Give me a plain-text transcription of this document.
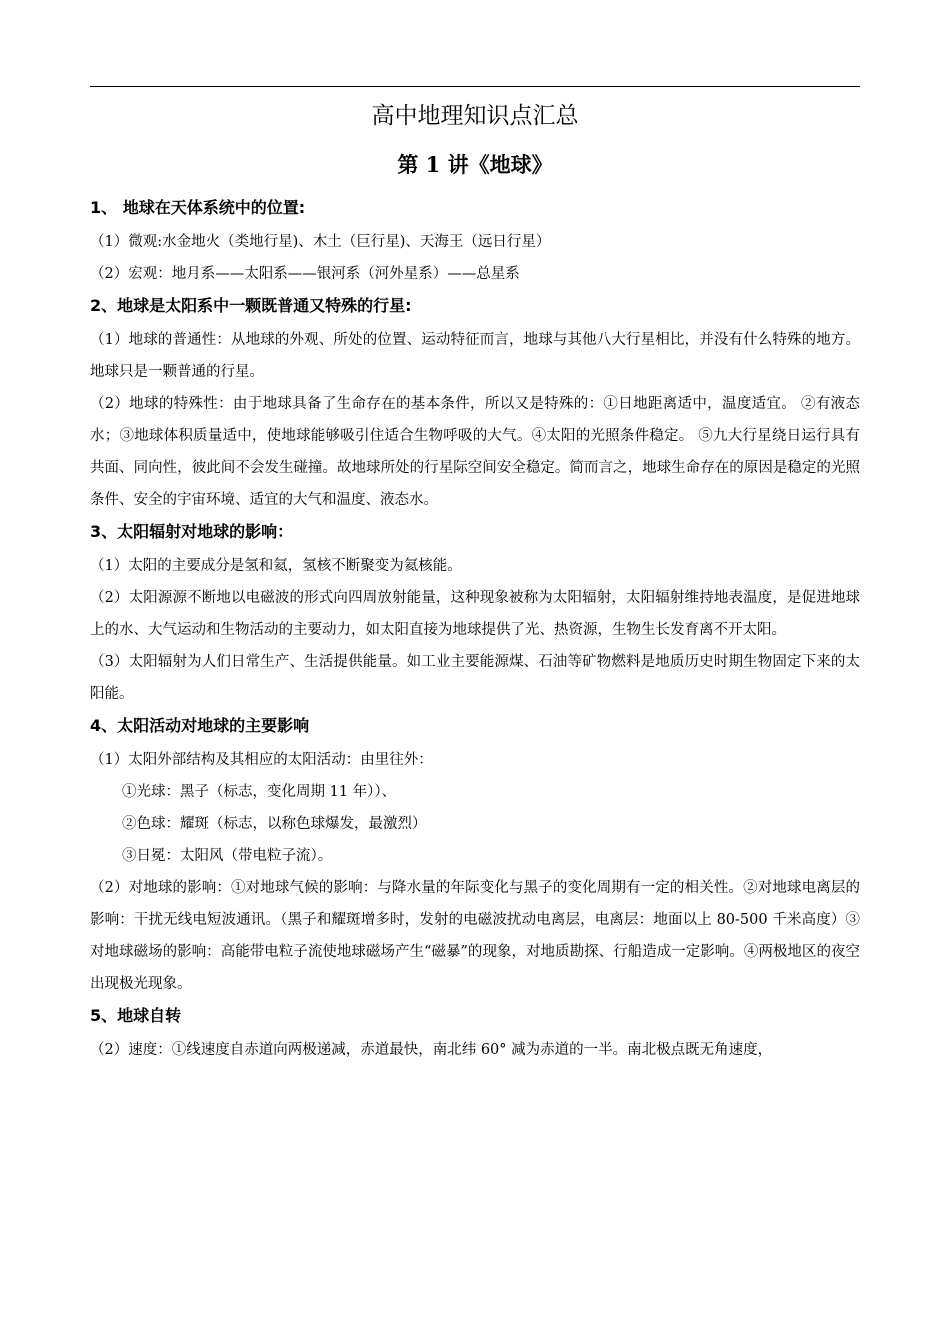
高中地理知识点汇总
第 1 讲《地球》
1、 地球在天体系统中的位置:

（1）微观:水金地火（类地行星)、木土（巨行星)、天海王（远日行星）

（2）宏观：地月系——太阳系——银河系（河外星系）——总星系

2、地球是太阳系中一颗既普通又特殊的行星:

（1）地球的普通性：从地球的外观、所处的位置、运动特征而言，地球与其他八大行星相比，并没有什么特殊的地方。地球只是一颗普通的行星。

（2）地球的特殊性：由于地球具备了生命存在的基本条件，所以又是特殊的：①日地距离适中，温度适宜。 ②有液态水；③地球体积质量适中，使地球能够吸引住适合生物呼吸的大气。④太阳的光照条件稳定。 ⑤九大行星绕日运行具有共面、同向性，彼此间不会发生碰撞。故地球所处的行星际空间安全稳定。简而言之，地球生命存在的原因是稳定的光照条件、安全的宇宙环境、适宜的大气和温度、液态水。

3、太阳辐射对地球的影响：

（1）太阳的主要成分是氢和氦，氢核不断聚变为氦核能。

（2）太阳源源不断地以电磁波的形式向四周放射能量，这种现象被称为太阳辐射，太阳辐射维持地表温度，是促进地球上的水、大气运动和生物活动的主要动力，如太阳直接为地球提供了光、热资源，生物生长发育离不开太阳。

（3）太阳辐射为人们日常生产、生活提供能量。如工业主要能源煤、石油等矿物燃料是地质历史时期生物固定下来的太阳能。

4、太阳活动对地球的主要影响

（1）太阳外部结构及其相应的太阳活动：由里往外：

①光球：黑子（标志，变化周期 11 年））、

②色球：耀斑（标志，以称色球爆发，最激烈）

③日冕：太阳风（带电粒子流）。

（2）对地球的影响：①对地球气候的影响：与降水量的年际变化与黑子的变化周期有一定的相关性。②对地球电离层的影响：干扰无线电短波通讯。（黑子和耀斑增多时，发射的电磁波扰动电离层，电离层：地面以上 80-500 千米高度）③对地球磁场的影响：高能带电粒子流使地球磁场产生“磁暴”的现象，对地质勘探、行船造成一定影响。④两极地区的夜空出现极光现象。

5、地球自转

（2）速度：①线速度自赤道向两极递减，赤道最快，南北纬 60° 减为赤道的一半。南北极点既无角速度，
